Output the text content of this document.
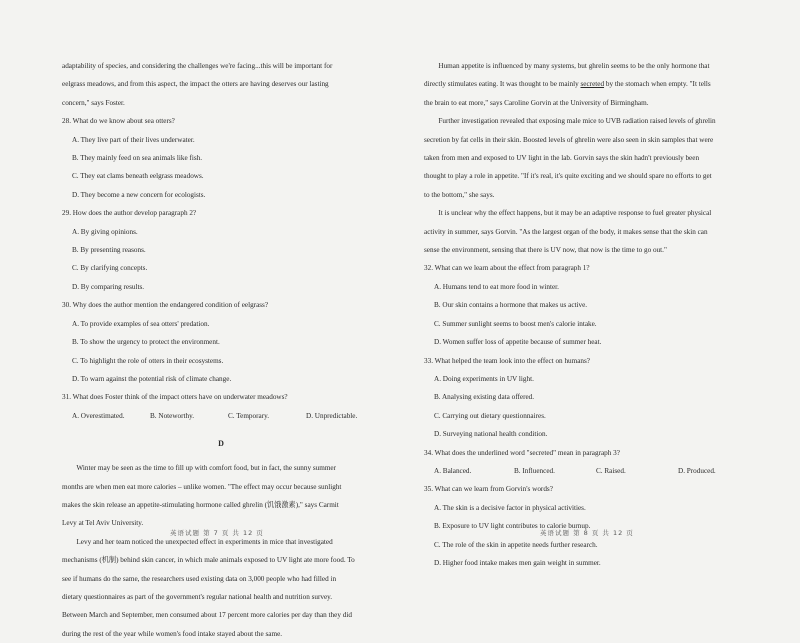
adaptability of species, and considering the challenges we're facing...this will be important for

eelgrass meadows, and from this aspect, the impact the otters are having deserves our lasting

concern," says Foster.

28. What do we know about sea otters?

A. They live part of their lives underwater.

B. They mainly feed on sea animals like fish.

C. They eat clams beneath eelgrass meadows.

D. They become a new concern for ecologists.

29. How does the author develop paragraph 2?

A. By giving opinions.

B. By presenting reasons.

C. By clarifying concepts.

D. By comparing results.

30. Why does the author mention the endangered condition of eelgrass?

A. To provide examples of sea otters' predation.

B. To show the urgency to protect the environment.

C. To highlight the role of otters in their ecosystems.

D. To warn against the potential risk of climate change.

31. What does Foster think of the impact otters have on underwater meadows?

A. Overestimated.	B. Noteworthy.	C. Temporary.	D. Unpredictable.
D

Winter may be seen as the time to fill up with comfort food, but in fact, the sunny summer

months are when men eat more calories – unlike women. "The effect may occur because sunlight

makes the skin release an appetite-stimulating hormone called ghrelin (饥饿激素)," says Carmit

Levy at Tel Aviv University.

Levy and her team noticed the unexpected effect in experiments in mice that investigated

mechanisms (机制) behind skin cancer, in which male animals exposed to UV light ate more food. To

see if humans do the same, the researchers used existing data on 3,000 people who had filled in

dietary questionnaires as part of the government's regular national health and nutrition survey.

Between March and September, men consumed about 17 percent more calories per day than they did

during the rest of the year while women's food intake stayed about the same.

英语试题 第 7 页 共 12 页

Human appetite is influenced by many systems, but ghrelin seems to be the only hormone that

directly stimulates eating. It was thought to be mainly secreted by the stomach when empty. "It tells

the brain to eat more," says Caroline Gorvin at the University of Birmingham.

Further investigation revealed that exposing male mice to UVB radiation raised levels of ghrelin

secretion by fat cells in their skin. Boosted levels of ghrelin were also seen in skin samples that were

taken from men and exposed to UV light in the lab. Gorvin says the skin hadn't previously been

thought to play a role in appetite. "If it's real, it's quite exciting and we should spare no efforts to get

to the bottom," she says.

It is unclear why the effect happens, but it may be an adaptive response to fuel greater physical

activity in summer, says Gorvin. "As the largest organ of the body, it makes sense that the skin can

sense the environment, sensing that there is UV now, that now is the time to go out."

32. What can we learn about the effect from paragraph 1?

A. Humans tend to eat more food in winter.

B. Our skin contains a hormone that makes us active.

C. Summer sunlight seems to boost men's calorie intake.

D. Women suffer loss of appetite because of summer heat.

33. What helped the team look into the effect on humans?

A. Doing experiments in UV light.

B. Analysing existing data offered.

C. Carrying out dietary questionnaires.

D. Surveying national health condition.

34. What does the underlined word "secreted" mean in paragraph 3?

A. Balanced.	B. Influenced.	C. Raised.	D. Produced.

35. What can we learn from Gorvin's words?

A. The skin is a decisive factor in physical activities.

B. Exposure to UV light contributes to calorie burnup.

C. The role of the skin in appetite needs further research.

D. Higher food intake makes men gain weight in summer.

英语试题 第 8 页 共 12 页
